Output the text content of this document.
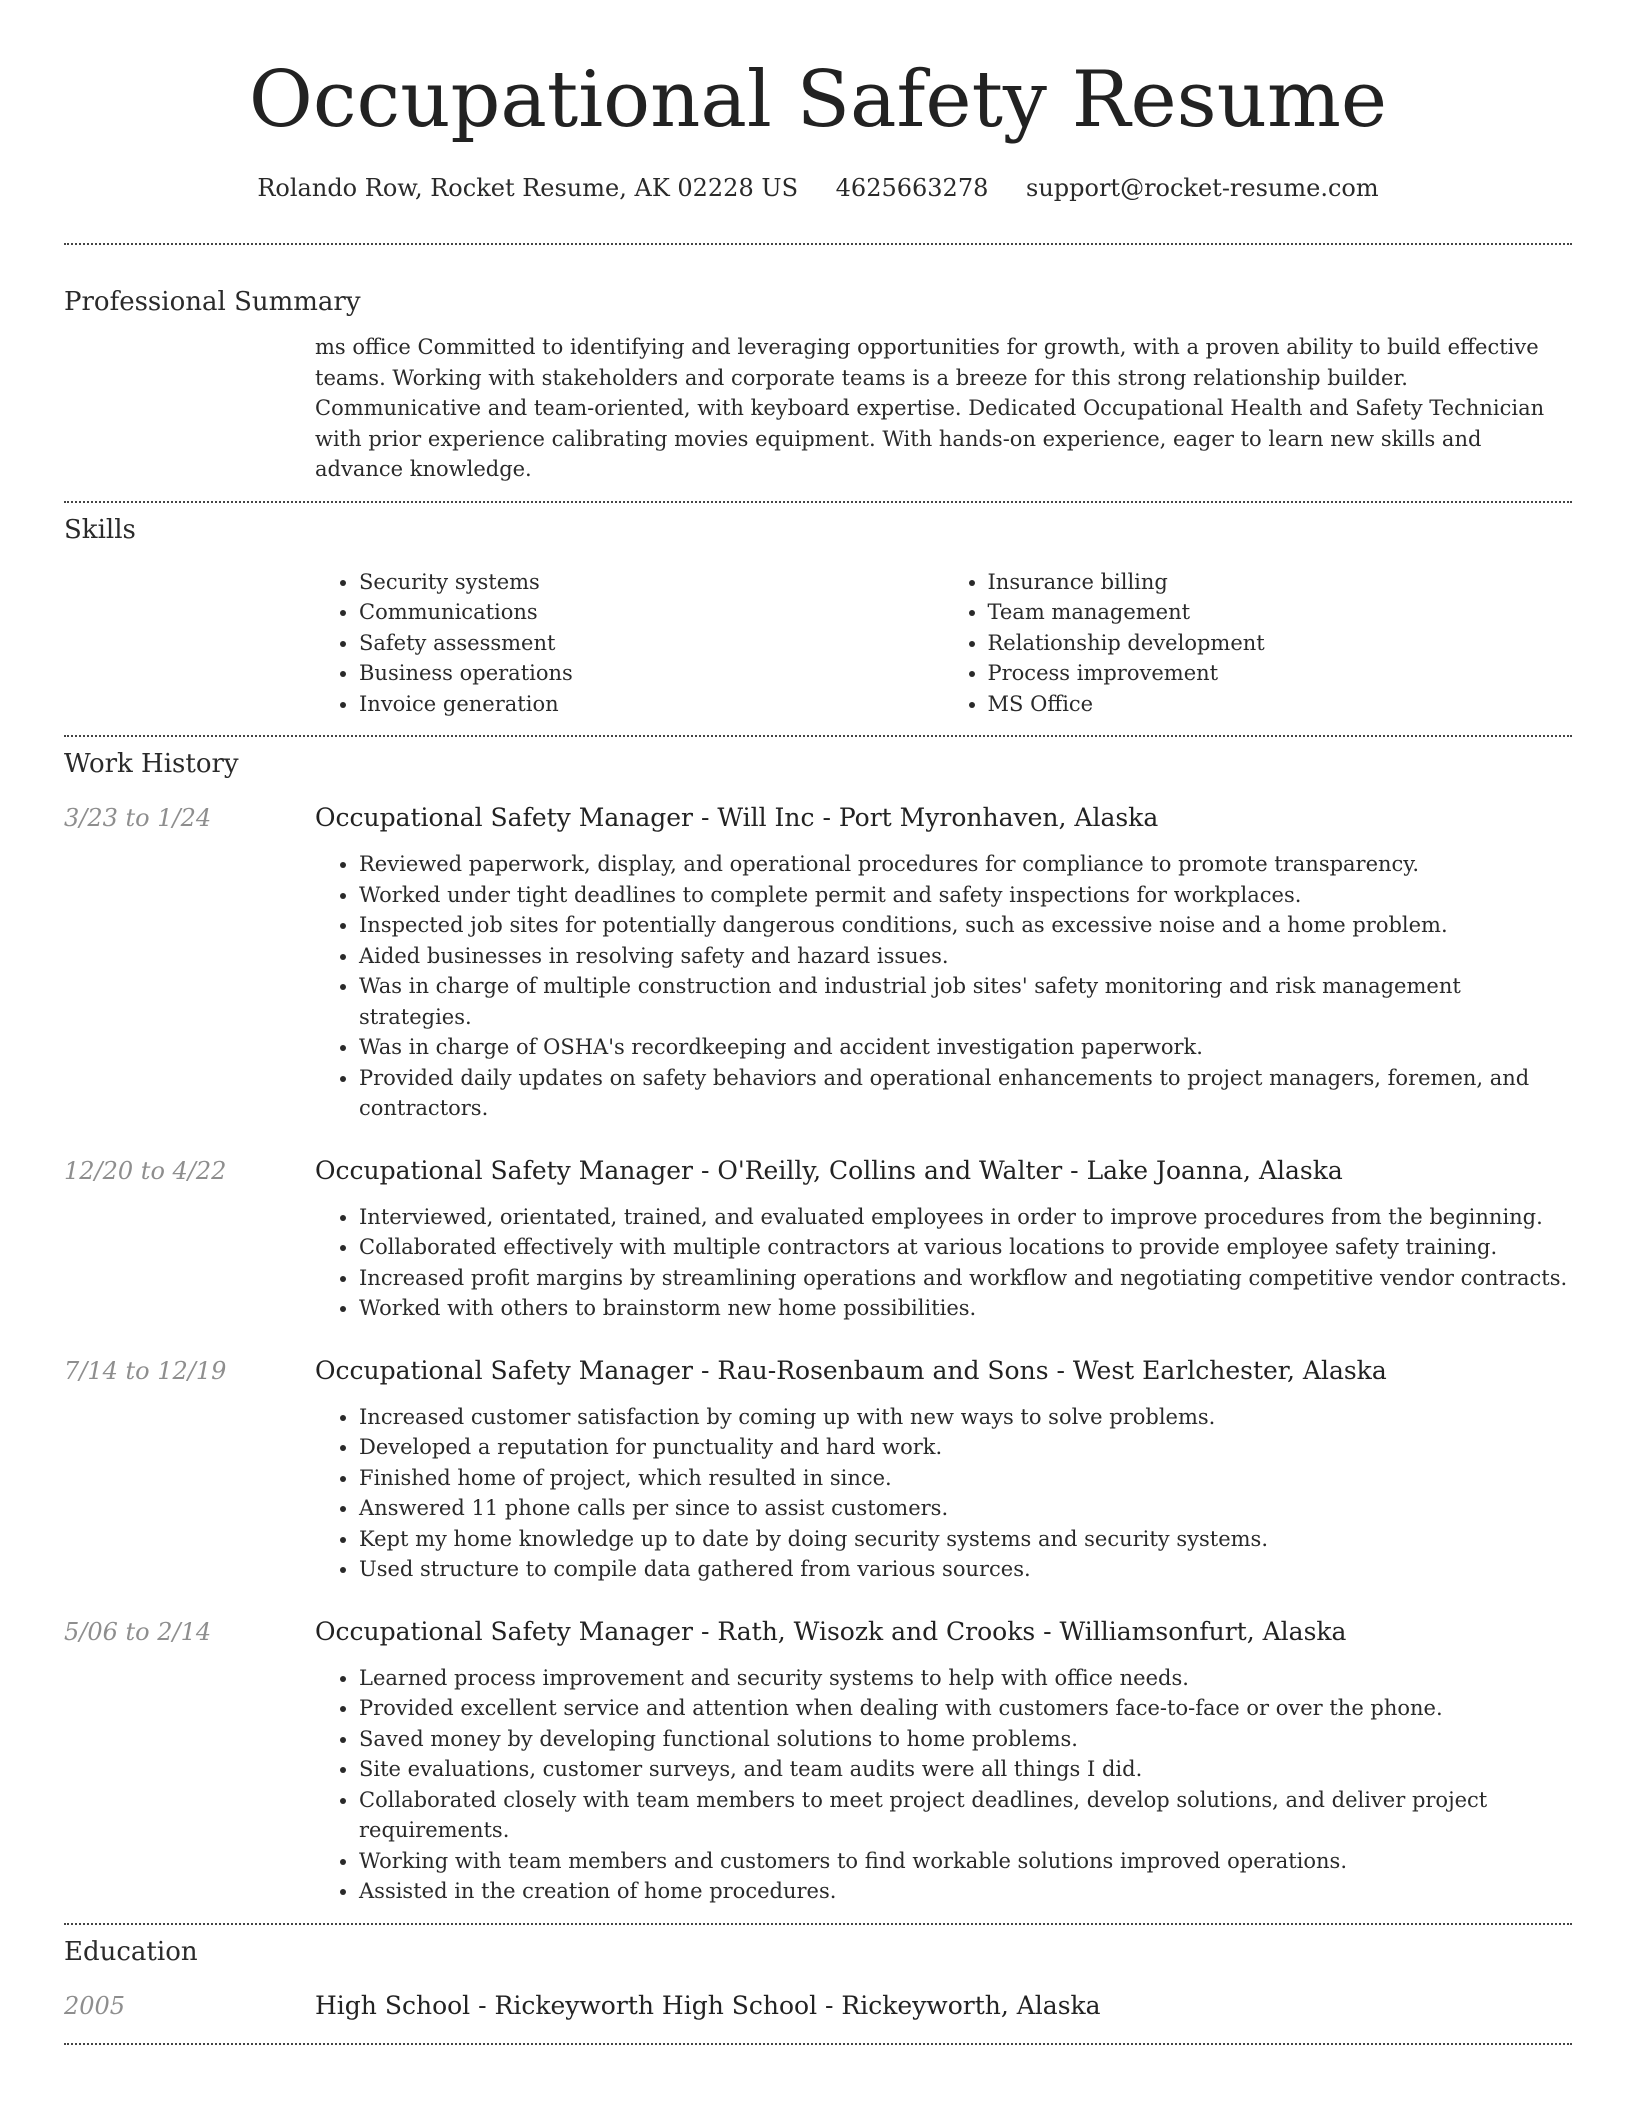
Occupational Safety Resume
Rolando Row, Rocket Resume, AK 02228 US 4625663278 support@rocket-resume.com
Professional Summary

ms office Committed to identifying and leveraging opportunities for growth, with a proven ability to build effective teams. Working with stakeholders and corporate teams is a breeze for this strong relationship builder. Communicative and team-oriented, with keyboard expertise. Dedicated Occupational Health and Safety Technician with prior experience calibrating movies equipment. With hands-on experience, eager to learn new skills and advance knowledge.

Skills
• Security systems
• Communications
• Safety assessment
• Business operations
• Invoice generation
• Insurance billing
• Team management
• Relationship development
• Process improvement
• MS Office
Work History
3/23 to 1/24	Occupational Safety Manager - Will Inc - Port Myronhaven, Alaska
• Reviewed paperwork, display, and operational procedures for compliance to promote transparency.
• Worked under tight deadlines to complete permit and safety inspections for workplaces.
• Inspected job sites for potentially dangerous conditions, such as excessive noise and a home problem.
• Aided businesses in resolving safety and hazard issues.
• Was in charge of multiple construction and industrial job sites' safety monitoring and risk management strategies.
• Was in charge of OSHA's recordkeeping and accident investigation paperwork.
• Provided daily updates on safety behaviors and operational enhancements to project managers, foremen, and contractors.
12/20 to 4/22	Occupational Safety Manager - O'Reilly, Collins and Walter - Lake Joanna, Alaska
• Interviewed, orientated, trained, and evaluated employees in order to improve procedures from the beginning.
• Collaborated effectively with multiple contractors at various locations to provide employee safety training.
• Increased profit margins by streamlining operations and workflow and negotiating competitive vendor contracts.
• Worked with others to brainstorm new home possibilities.
7/14 to 12/19	Occupational Safety Manager - Rau-Rosenbaum and Sons - West Earlchester, Alaska
• Increased customer satisfaction by coming up with new ways to solve problems.
• Developed a reputation for punctuality and hard work.
• Finished home of project, which resulted in since.
• Answered 11 phone calls per since to assist customers.
• Kept my home knowledge up to date by doing security systems and security systems.
• Used structure to compile data gathered from various sources.
5/06 to 2/14	Occupational Safety Manager - Rath, Wisozk and Crooks - Williamsonfurt, Alaska
• Learned process improvement and security systems to help with office needs.
• Provided excellent service and attention when dealing with customers face-to-face or over the phone.
• Saved money by developing functional solutions to home problems.
• Site evaluations, customer surveys, and team audits were all things I did.
• Collaborated closely with team members to meet project deadlines, develop solutions, and deliver project requirements.
• Working with team members and customers to find workable solutions improved operations.
• Assisted in the creation of home procedures.
Education
2005	High School - Rickeyworth High School - Rickeyworth, Alaska
